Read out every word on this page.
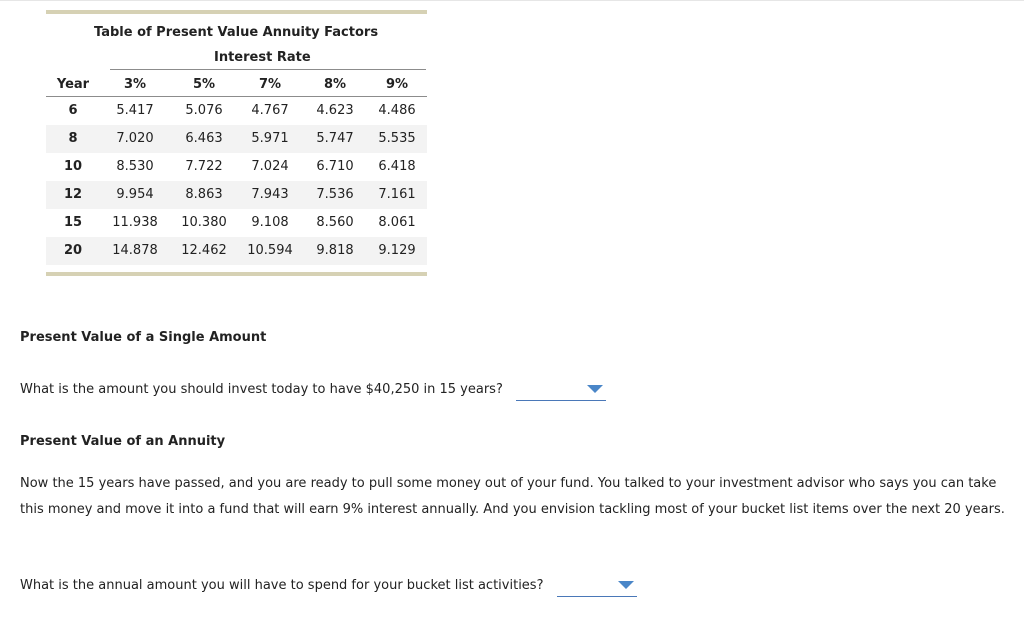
Table of Present Value Annuity Factors
Interest Rate
Year	3%	5%	7%	8%	9%
6	5.417	5.076	4.767	4.623	4.486
8	7.020	6.463	5.971	5.747	5.535
10	8.530	7.722	7.024	6.710	6.418
12	9.954	8.863	7.943	7.536	7.161
15	11.938	10.380	9.108	8.560	8.061
20	14.878	12.462	10.594	9.818	9.129
Present Value of a Single Amount
What is the amount you should invest today to have $40,250 in 15 years?
Present Value of an Annuity
Now the 15 years have passed, and you are ready to pull some money out of your fund. You talked to your investment advisor who says you can take this money and move it into a fund that will earn 9% interest annually. And you envision tackling most of your bucket list items over the next 20 years.
What is the annual amount you will have to spend for your bucket list activities?
